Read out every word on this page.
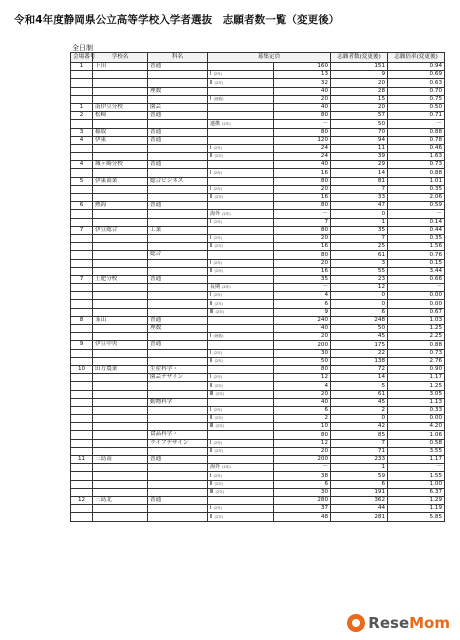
令和4年度静岡県公立高等学校入学者選抜　志願者数一覧（変更後）
全日制
会場番号	学校名	科名	募集定員		志願者数(変更後)	志願倍率(変更後)
1	下田	普通		160	151	0.94
			Ⅰ (2年)	13	9	0.69
			Ⅱ (2年)	32	20	0.63
		理数		40	28	0.70
			Ⅰ (理数)	20	15	0.75
1	南伊豆分校	園芸		40	20	0.50
2	松崎	普通		80	57	0.71
			連携 (2年)	－	50	－
3	稲取	普通		80	70	0.88
4	伊東	普通		120	94	0.78
			Ⅰ (2年)	24	11	0.46
			Ⅱ (2年)	24	39	1.63
4	城ヶ崎分校	普通		40	29	0.73
			Ⅰ (2年)	16	14	0.88
5	伊東商業	総合ビジネス		80	81	1.01
			Ⅰ (2年)	20	7	0.35
			Ⅱ (2年)	16	33	2.06
6	熱海	普通		80	47	0.59
			海外 (2年)	－	0	－
			Ⅰ (2年)	7	1	0.14
7	伊豆総合	工業		80	35	0.44
			Ⅰ (2年)	20	7	0.35
			Ⅱ (2年)	16	25	1.56
		総合		80	61	0.76
			Ⅰ (2年)	20	3	0.15
			Ⅱ (2年)	16	55	3.44
7	土肥分校	普通		35	23	0.66
			長期 (2年)	－	12	－
			Ⅰ (2年)	4	0	0.00
			Ⅱ (2年)	6	0	0.00
			Ⅲ (2年)	9	6	0.67
8	韮山	普通		240	248	1.03
		理数		40	50	1.25
			Ⅰ (理数)	20	45	2.25
9	伊豆中央	普通		200	175	0.88
			Ⅰ (2年)	30	22	0.73
			Ⅱ (2年)	50	138	2.76
10	田方農業	生産科学・		80	72	0.90
		園芸デザイン	Ⅰ (2年)	12	14	1.17
			Ⅱ (2年)	4	5	1.25
			Ⅲ (2年)	20	61	3.05
		動物科学		40	45	1.13
			Ⅰ (2年)	6	2	0.33
			Ⅱ (2年)	2	0	0.00
			Ⅲ (2年)	10	42	4.20
		食品科学・		80	85	1.06
		ライフデザイン	Ⅰ (2年)	12	7	0.58
			Ⅱ (2年)	20	71	3.55
11	三島南	普通		200	233	1.17
			海外 (2年)	－	1	－
			Ⅰ (2年)	38	59	1.55
			Ⅱ (2年)	6	6	1.00
			Ⅲ (2年)	30	191	6.37
12	三島北	普通		280	362	1.29
			Ⅰ (2年)	37	44	1.19
			Ⅱ (2年)	48	281	5.85
ReseMom
